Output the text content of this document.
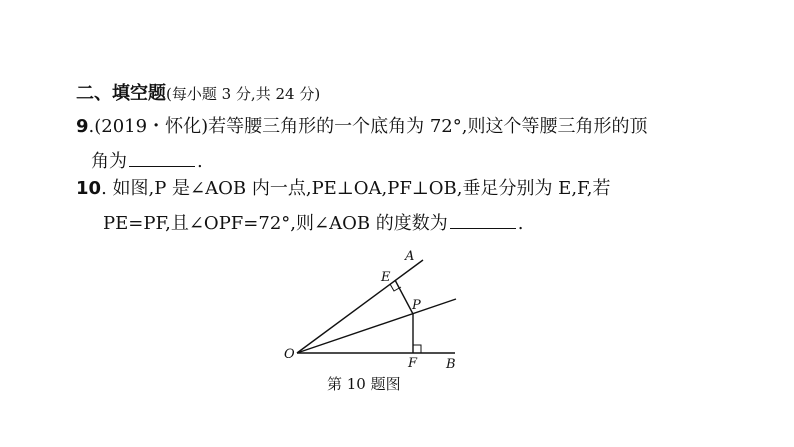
二、填空题(每小题 3 分,共 24 分)
9.(2019・怀化)若等腰三角形的一个底角为 72°,则这个等腰三角形的顶
角为	.
10. 如图,P 是∠AOB 内一点,PE⊥OA,PF⊥OB,垂足分别为 E,F,若
PE=PF,且∠OPF=72°,则∠AOB 的度数为	.
O
A
B
E
F
P
第 10 题图
